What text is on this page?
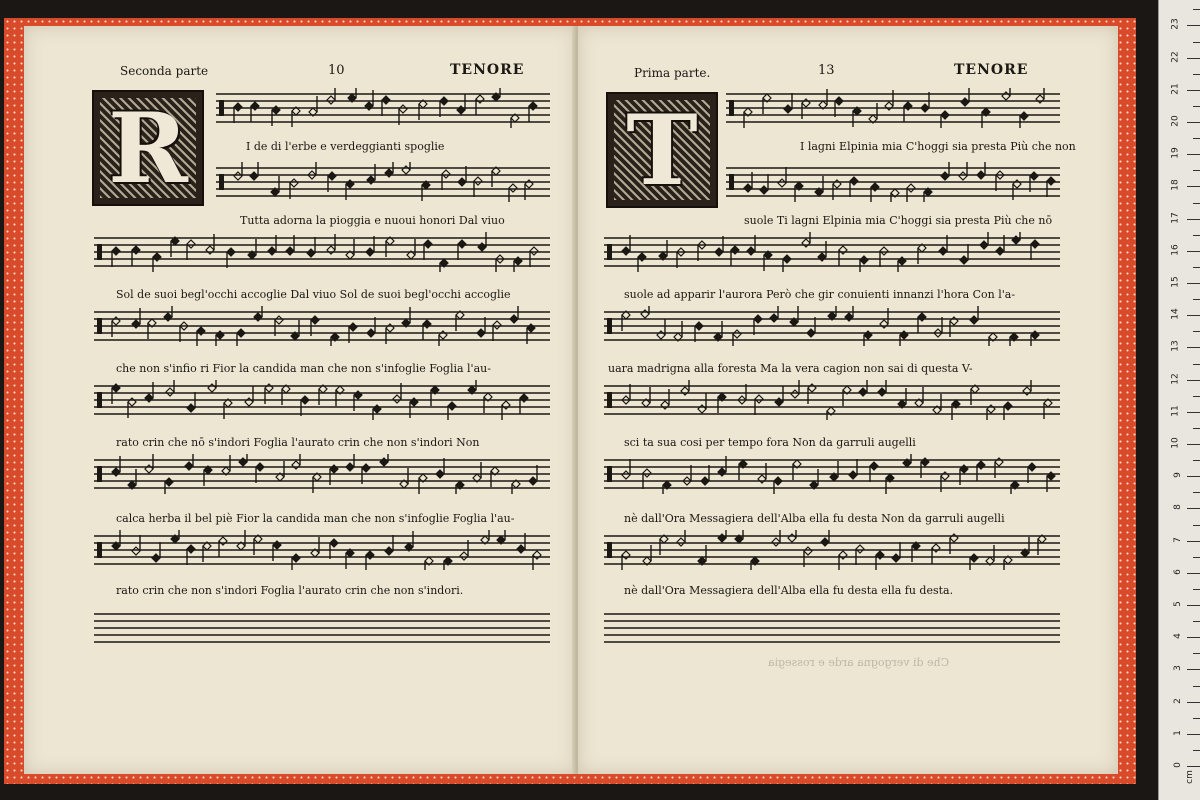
Seconda parte	10	TENORE
R	I de di l'erbe e verdeggianti spoglie
Tutta adorna la pioggia e nuoui honori Dal viuo
Sol de suoi begl'occhi accoglie Dal viuo Sol de suoi begl'occhi accoglie
che non s'infio ri Fior la candida man che non s'infoglie Foglia l'au-
rato crin che nō s'indori Foglia l'aurato crin che non s'indori Non
calca herba il bel piè Fior la candida man che non s'infoglie Foglia l'au-
rato crin che non s'indori Foglia l'aurato crin che non s'indori.
Prima parte.	13	TENORE
T	I lagni Elpinia mia C'hoggi sia presta Più che non
suole Ti lagni Elpinia mia C'hoggi sia presta Più che nō
suole ad apparir l'aurora Però che gir conuienti innanzi l'hora Con l'a-
uara madrigna alla foresta Ma la vera cagion non sai di questa V-
sci ta sua cosi per tempo fora Non da garruli augelli
nè dall'Ora Messagiera dell'Alba ella fu desta Non da garruli augelli
nè dall'Ora Messagiera dell'Alba ella fu desta ella fu desta.
Che di vergogna arde e rossegia
cm
0
1
2
3
4
5
6
7
8
9
10
11
12
13
14
15
16
17
18
19
20
21
22
23
